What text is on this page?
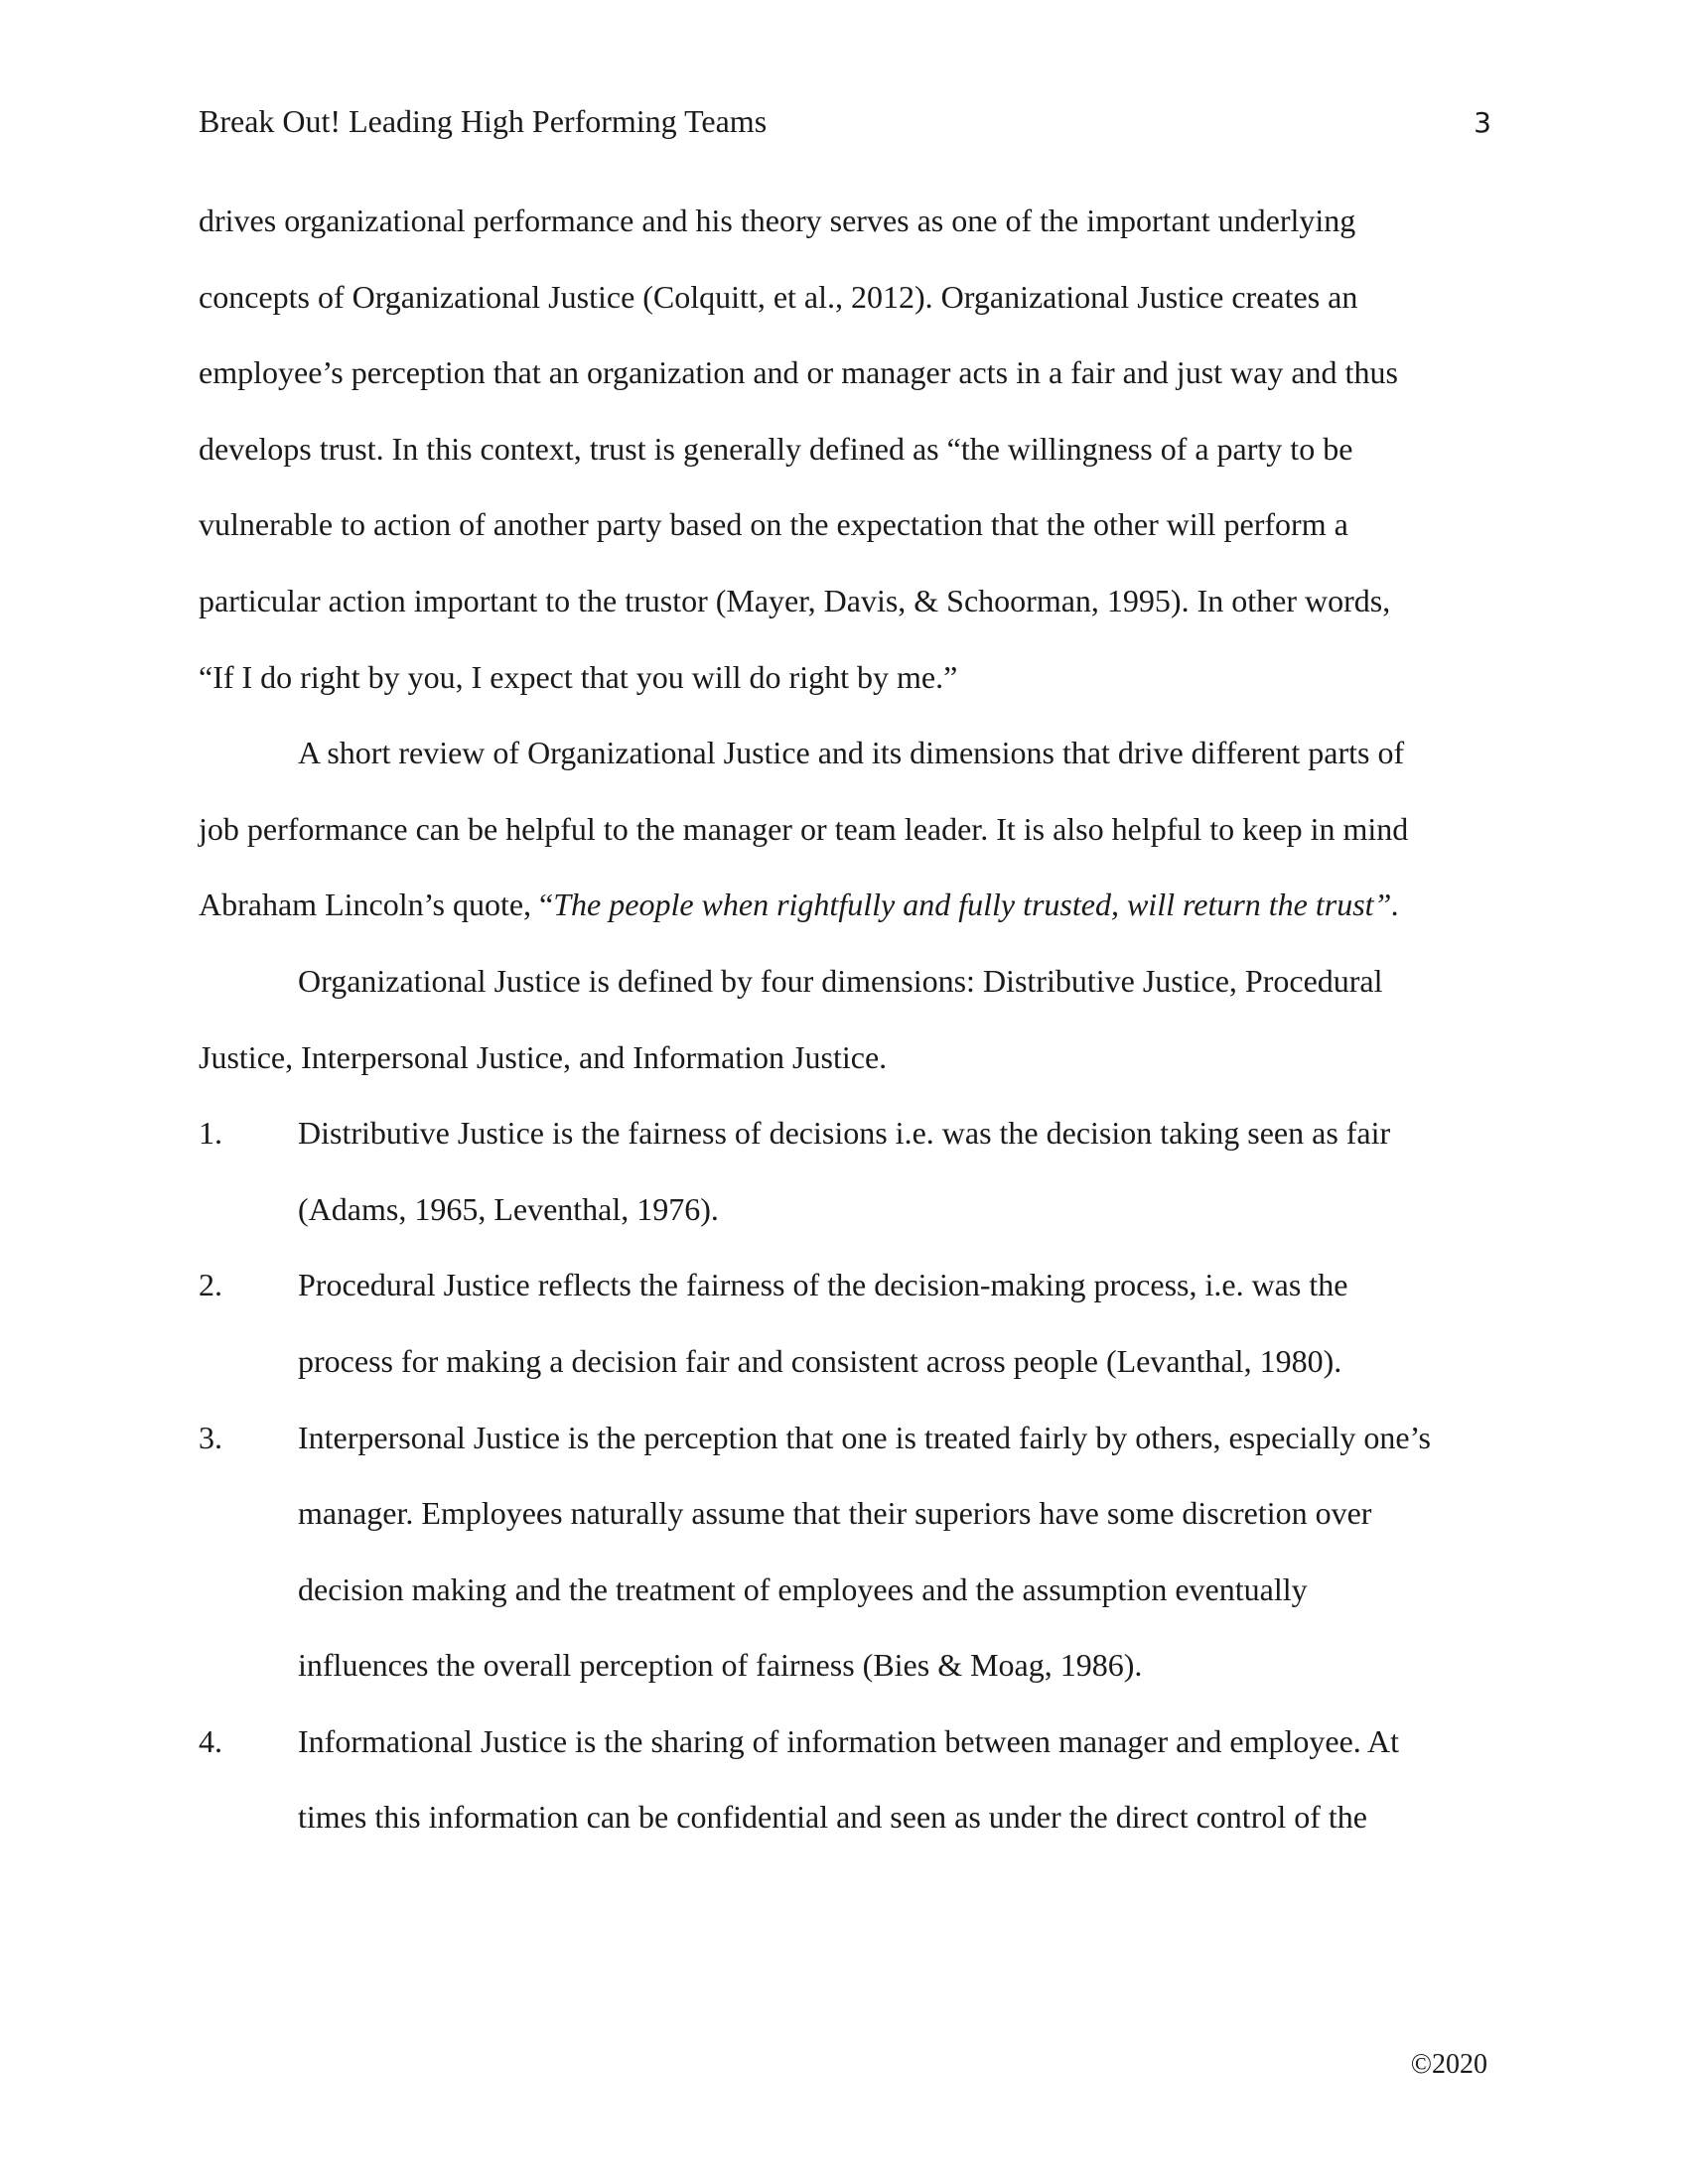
Break Out! Leading High Performing Teams	3
drives organizational performance and his theory serves as one of the important underlying
concepts of Organizational Justice (Colquitt, et al., 2012). Organizational Justice creates an
employee’s perception that an organization and or manager acts in a fair and just way and thus
develops trust. In this context, trust is generally defined as “the willingness of a party to be
vulnerable to action of another party based on the expectation that the other will perform a
particular action important to the trustor (Mayer, Davis, & Schoorman, 1995). In other words,
“If I do right by you, I expect that you will do right by me.”
A short review of Organizational Justice and its dimensions that drive different parts of
job performance can be helpful to the manager or team leader. It is also helpful to keep in mind
Abraham Lincoln’s quote, “The people when rightfully and fully trusted, will return the trust”.
Organizational Justice is defined by four dimensions: Distributive Justice, Procedural
Justice, Interpersonal Justice, and Information Justice.
1. Distributive Justice is the fairness of decisions i.e. was the decision taking seen as fair
(Adams, 1965, Leventhal, 1976).
2. Procedural Justice reflects the fairness of the decision-making process, i.e. was the
process for making a decision fair and consistent across people (Levanthal, 1980).
3. Interpersonal Justice is the perception that one is treated fairly by others, especially one’s
manager. Employees naturally assume that their superiors have some discretion over
decision making and the treatment of employees and the assumption eventually
influences the overall perception of fairness (Bies & Moag, 1986).
4. Informational Justice is the sharing of information between manager and employee. At
times this information can be confidential and seen as under the direct control of the
©2020
